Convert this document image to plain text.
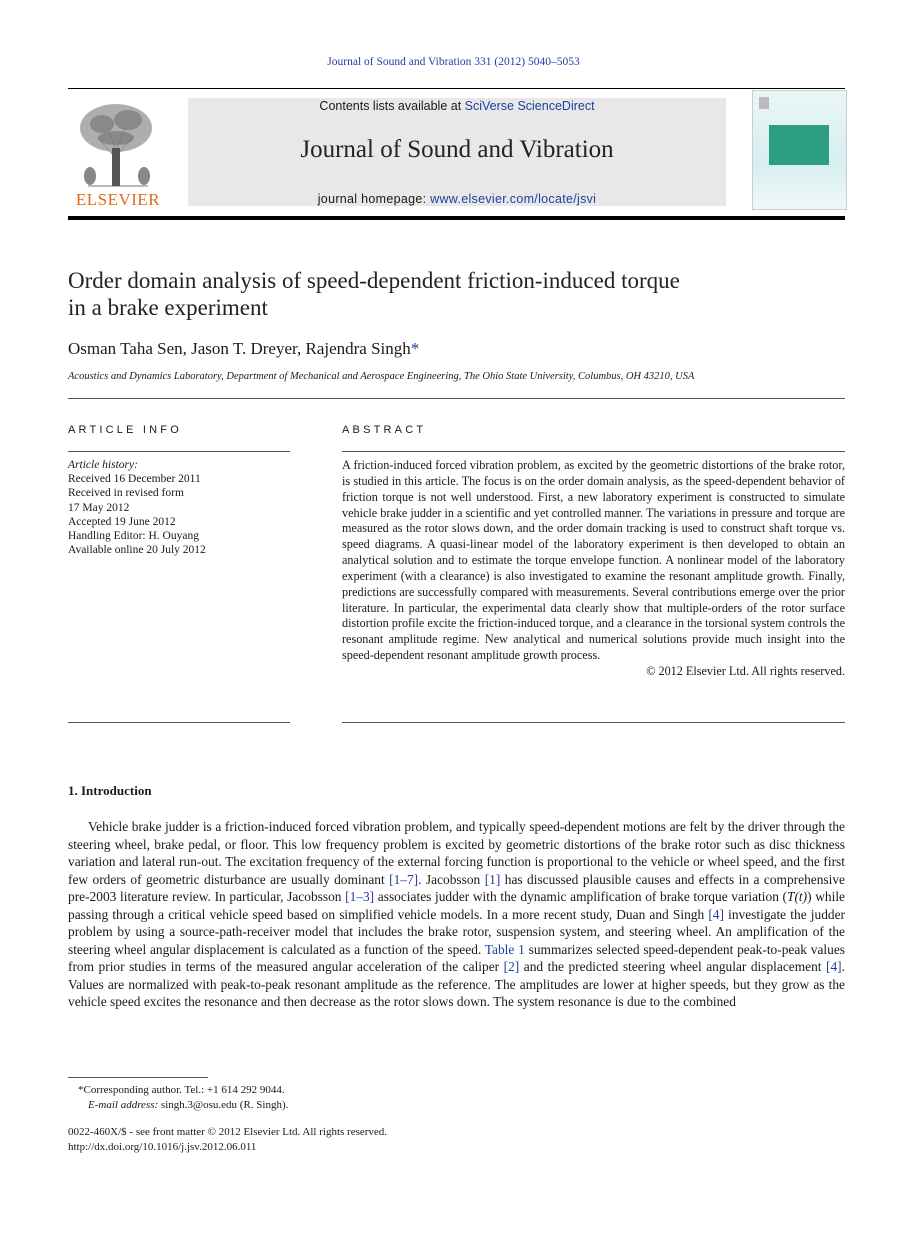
Journal of Sound and Vibration 331 (2012) 5040–5053
ELSEVIER
Contents lists available at SciVerse ScienceDirect
Journal of Sound and Vibration
journal homepage: www.elsevier.com/locate/jsvi
Order domain analysis of speed-dependent friction-induced torque
in a brake experiment
Osman Taha Sen, Jason T. Dreyer, Rajendra Singh*
Acoustics and Dynamics Laboratory, Department of Mechanical and Aerospace Engineering, The Ohio State University, Columbus, OH 43210, USA
ARTICLE INFO
Article history:
Received 16 December 2011
Received in revised form
17 May 2012
Accepted 19 June 2012
Handling Editor: H. Ouyang
Available online 20 July 2012
ABSTRACT
A friction-induced forced vibration problem, as excited by the geometric distortions of the brake rotor, is studied in this article. The focus is on the order domain analysis, as the speed-dependent behavior of friction torque is not well understood. First, a new laboratory experiment is constructed to simulate vehicle brake judder in a scientific and yet controlled manner. The variations in pressure and torque are measured as the rotor slows down, and the order domain tracking is used to construct shaft torque vs. speed diagrams. A quasi-linear model of the laboratory experiment is then developed to obtain an analytical solution and to estimate the torque envelope function. A nonlinear model of the laboratory experiment (with a clearance) is also investigated to examine the resonant amplitude growth. Finally, predictions are successfully compared with measurements. Several contributions emerge over the prior literature. In particular, the experimental data clearly show that multiple-orders of the rotor surface distortion profile excite the friction-induced torque, and a clearance in the torsional system controls the resonant amplitude regime. New analytical and numerical solutions provide much insight into the speed-dependent resonant amplitude growth process.
© 2012 Elsevier Ltd. All rights reserved.
1. Introduction
Vehicle brake judder is a friction-induced forced vibration problem, and typically speed-dependent motions are felt by the driver through the steering wheel, brake pedal, or floor. This low frequency problem is excited by geometric distortions of the brake rotor such as disc thickness variation and lateral run-out. The excitation frequency of the external forcing function is proportional to the vehicle or wheel speed, and the first few orders of geometric disturbance are usually dominant [1–7]. Jacobsson [1] has discussed plausible causes and effects in a comprehensive pre-2003 literature review. In particular, Jacobsson [1–3] associates judder with the dynamic amplification of brake torque variation (T(t)) while passing through a critical vehicle speed based on simplified vehicle models. In a more recent study, Duan and Singh [4] investigate the judder problem by using a source-path-receiver model that includes the brake rotor, suspension system, and steering wheel. An amplification of the steering wheel angular displacement is calculated as a function of the speed. Table 1 summarizes selected speed-dependent peak-to-peak values from prior studies in terms of the measured angular acceleration of the caliper [2] and the predicted steering wheel angular displacement [4]. Values are normalized with peak-to-peak resonant amplitude as the reference. The amplitudes are lower at higher speeds, but they grow as the vehicle speed excites the resonance and then decrease as the rotor slows down. The system resonance is due to the combined
*Corresponding author. Tel.: +1 614 292 9044.
E-mail address: singh.3@osu.edu (R. Singh).
0022-460X/$ - see front matter © 2012 Elsevier Ltd. All rights reserved.
http://dx.doi.org/10.1016/j.jsv.2012.06.011
